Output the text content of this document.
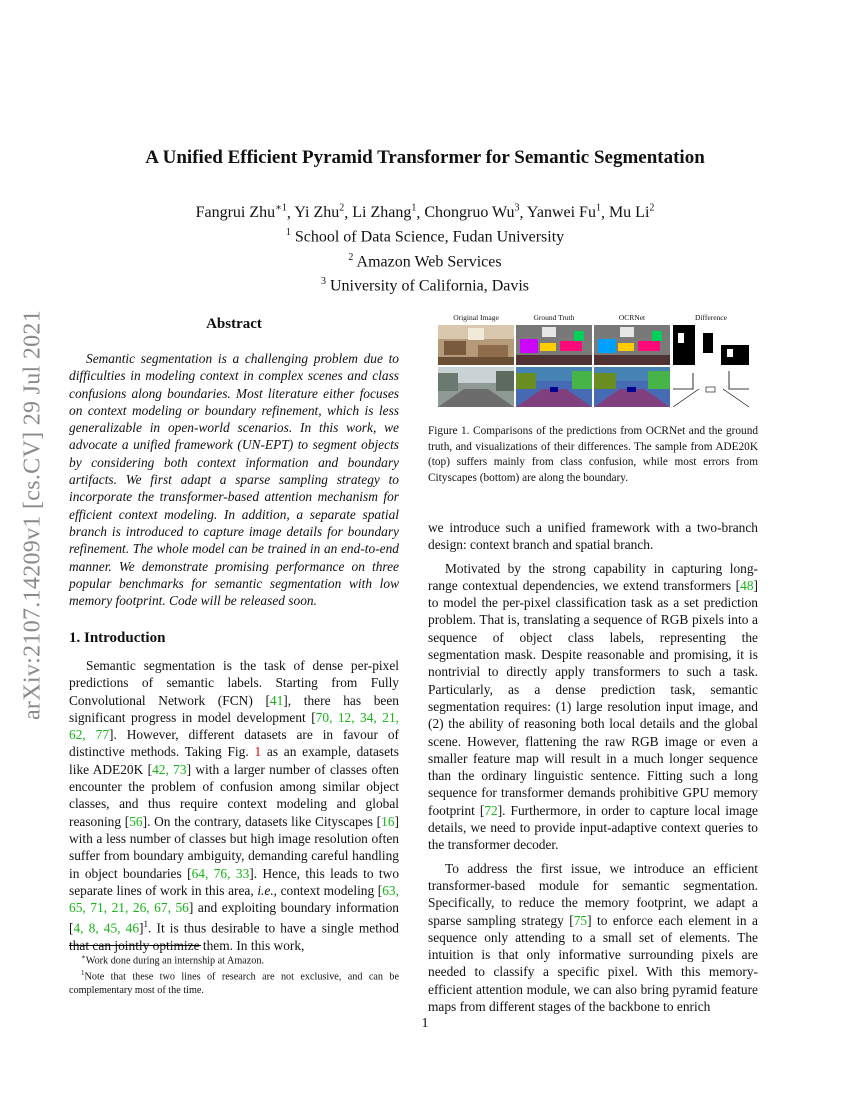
arXiv:2107.14209v1 [cs.CV] 29 Jul 2021
A Unified Efficient Pyramid Transformer for Semantic Segmentation
Fangrui Zhu$^{∗1}$, Yi Zhu$^2$, Li Zhang$^1$, Chongruo Wu$^3$, Yanwei Fu$^1$, Mu Li$^2$
$^1$ School of Data Science, Fudan University
$^2$ Amazon Web Services
$^3$ University of California, Davis
Abstract

Semantic segmentation is a challenging problem due to difficulties in modeling context in complex scenes and class confusions along boundaries. Most literature either focuses on context modeling or boundary refinement, which is less generalizable in open-world scenarios. In this work, we advocate a unified framework (UN-EPT) to segment objects by considering both context information and boundary artifacts. We first adapt a sparse sampling strategy to incorporate the transformer-based attention mechanism for efficient context modeling. In addition, a separate spatial branch is introduced to capture image details for boundary refinement. The whole model can be trained in an end-to-end manner. We demonstrate promising performance on three popular benchmarks for semantic segmentation with low memory footprint. Code will be released soon.

1. Introduction

Semantic segmentation is the task of dense per-pixel predictions of semantic labels. Starting from Fully Convolutional Network (FCN) [41], there has been significant progress in model development [70, 12, 34, 21, 62, 77]. However, different datasets are in favour of distinctive methods. Taking Fig. 1 as an example, datasets like ADE20K [42, 73] with a larger number of classes often encounter the problem of confusion among similar object classes, and thus require context modeling and global reasoning [56]. On the contrary, datasets like Cityscapes [16] with a less number of classes but high image resolution often suffer from boundary ambiguity, demanding careful handling in object boundaries [64, 76, 33]. Hence, this leads to two separate lines of work in this area, i.e., context modeling [63, 65, 71, 21, 26, 67, 56] and exploiting boundary information [4, 8, 45, 46]$^1$. It is thus desirable to have a single method that can jointly optimize them. In this work,

∗Work done during an internship at Amazon.

$^1$Note that these two lines of research are not exclusive, and can be complementary most of the time.

Original Image	Ground Truth	OCRNet	Difference
Figure 1. Comparisons of the predictions from OCRNet and the ground truth, and visualizations of their differences. The sample from ADE20K (top) suffers mainly from class confusion, while most errors from Cityscapes (bottom) are along the boundary.

we introduce such a unified framework with a two-branch design: context branch and spatial branch.

Motivated by the strong capability in capturing long-range contextual dependencies, we extend transformers [48] to model the per-pixel classification task as a set prediction problem. That is, translating a sequence of RGB pixels into a sequence of object class labels, representing the segmentation mask. Despite reasonable and promising, it is nontrivial to directly apply transformers to such a task. Particularly, as a dense prediction task, semantic segmentation requires: (1) large resolution input image, and (2) the ability of reasoning both local details and the global scene. However, flattening the raw RGB image or even a smaller feature map will result in a much longer sequence than the ordinary linguistic sentence. Fitting such a long sequence for transformer demands prohibitive GPU memory footprint [72]. Furthermore, in order to capture local image details, we need to provide input-adaptive context queries to the transformer decoder.

To address the first issue, we introduce an efficient transformer-based module for semantic segmentation. Specifically, to reduce the memory footprint, we adapt a sparse sampling strategy [75] to enforce each element in a sequence only attending to a small set of elements. The intuition is that only informative surrounding pixels are needed to classify a specific pixel. With this memory-efficient attention module, we can also bring pyramid feature maps from different stages of the backbone to enrich

1
